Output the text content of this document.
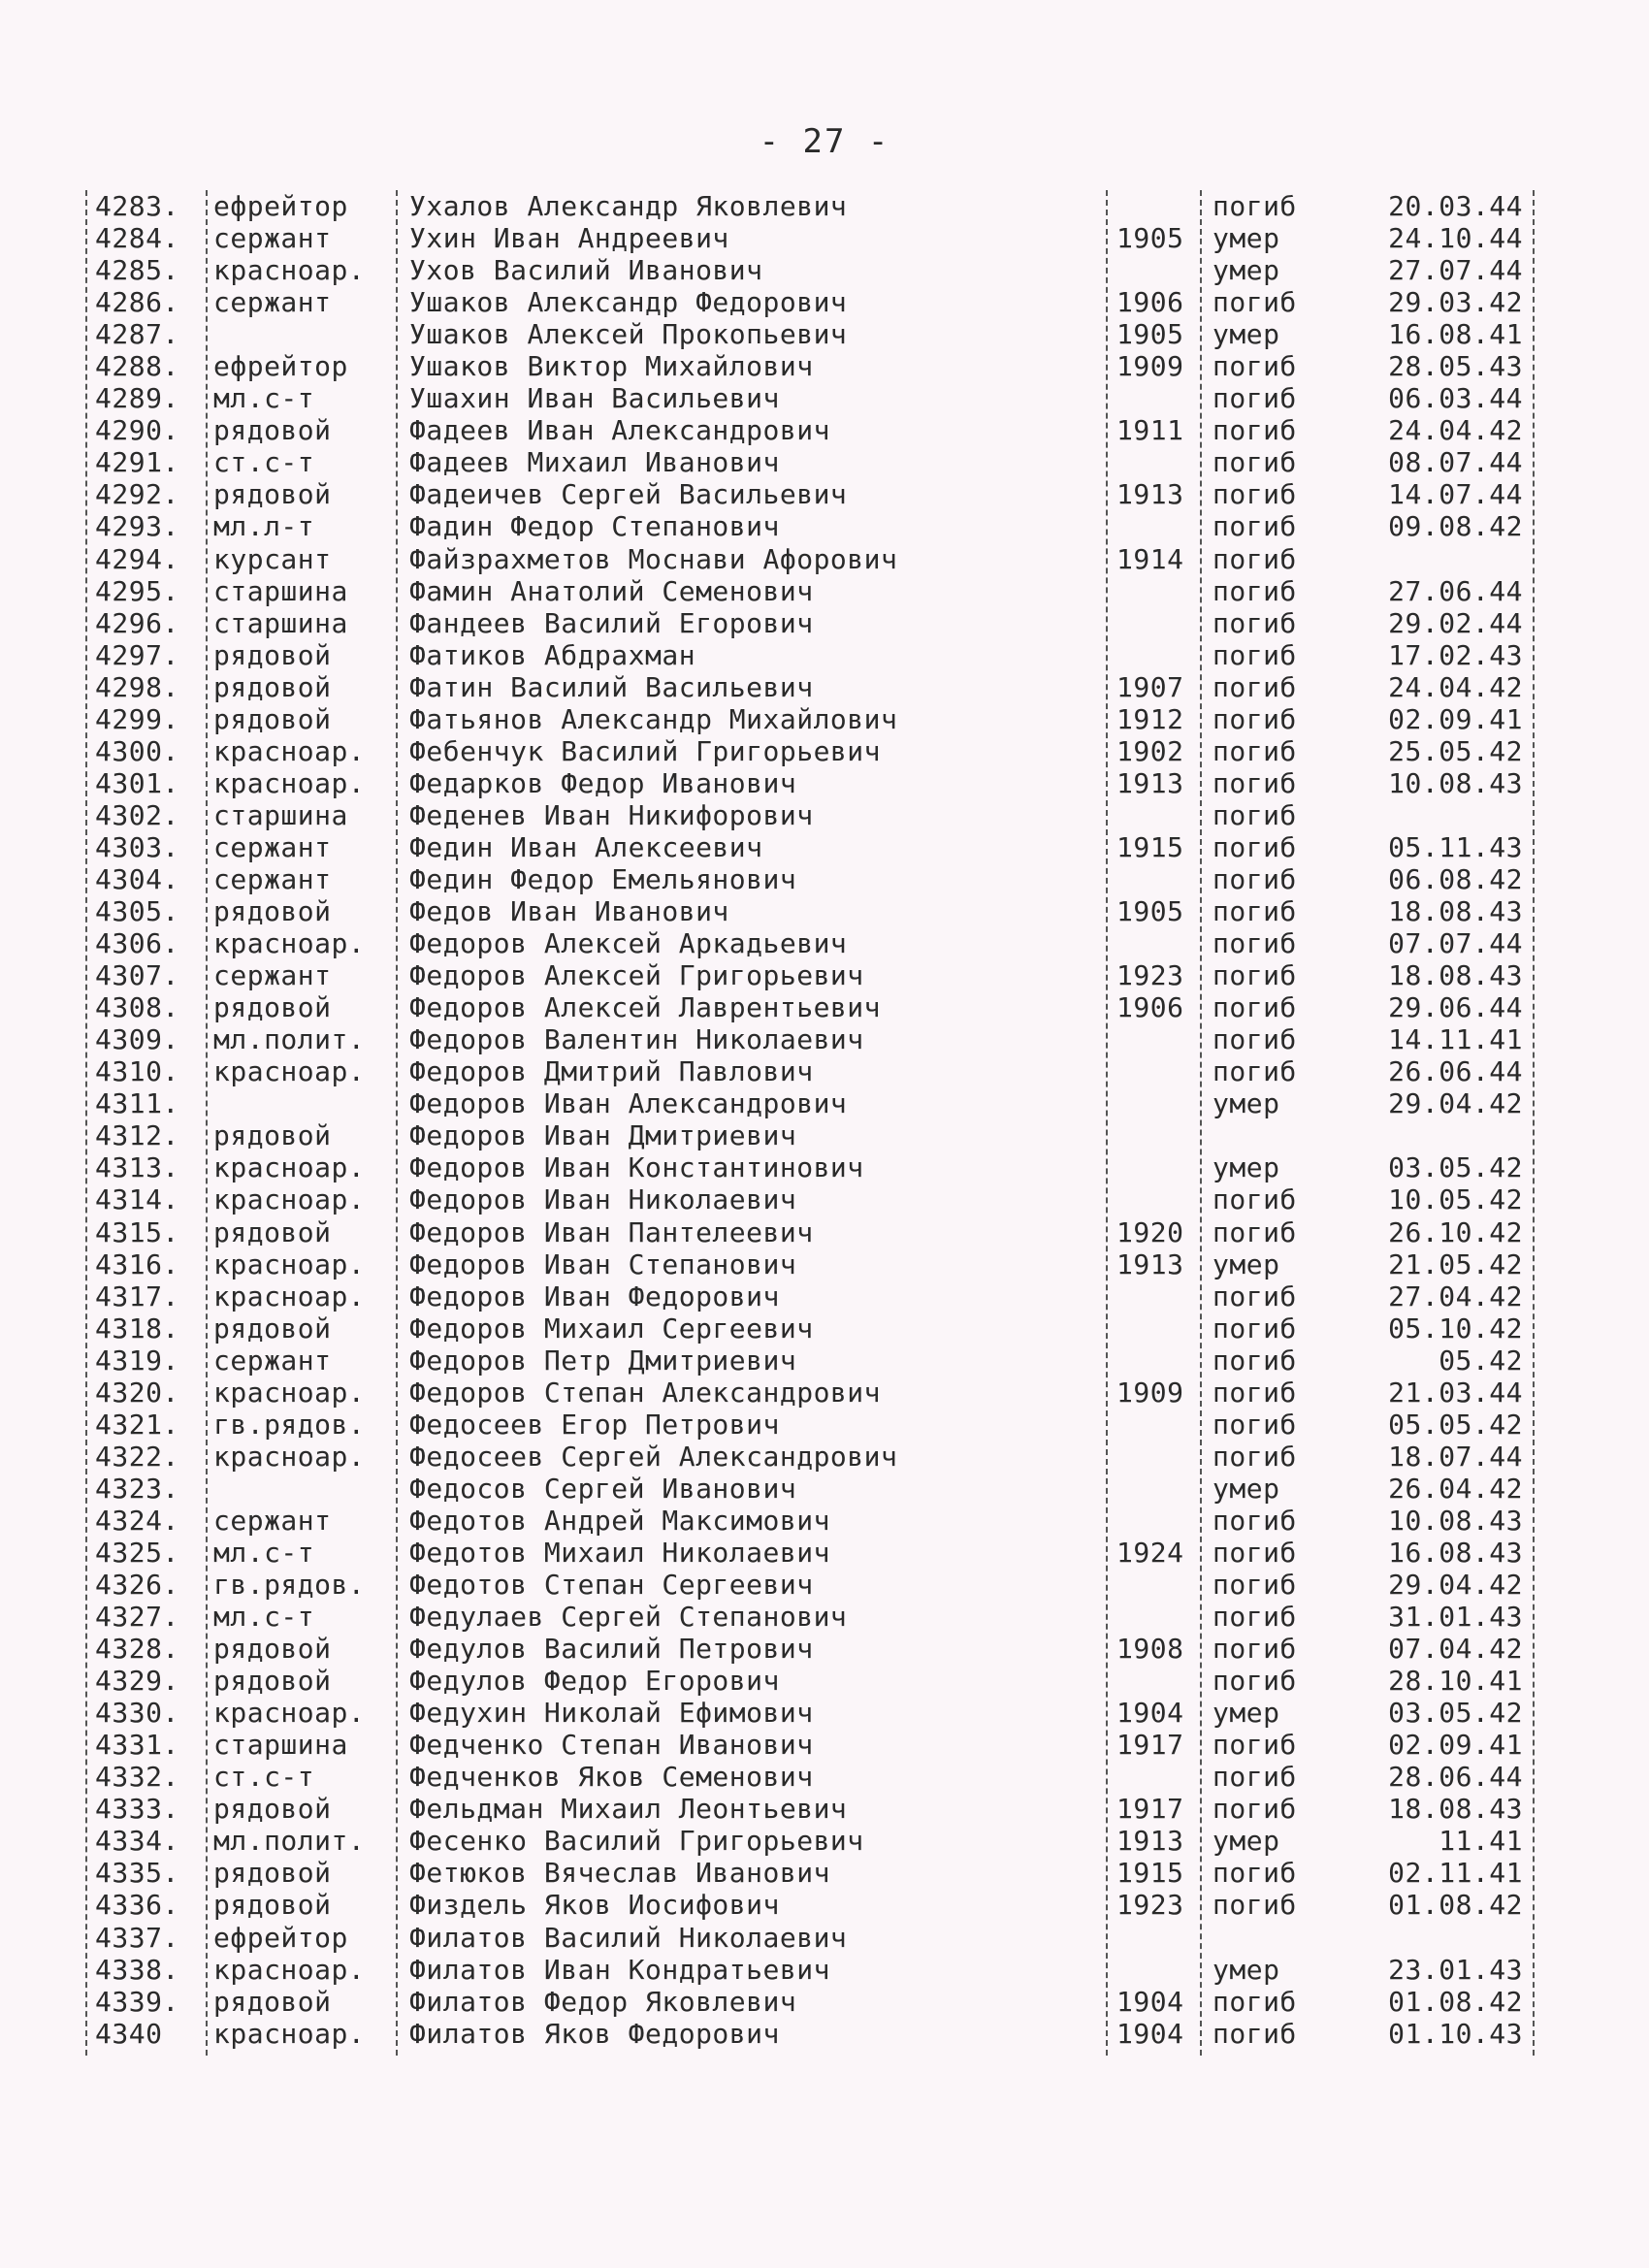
- 27 -
4283.	ефрейтор	Ухалов Александр Яковлевич	погиб	20.03.44
4284.	сержант	Ухин Иван Андреевич	1905	умер	24.10.44
4285.	красноар.	Ухов Василий Иванович	умер	27.07.44
4286.	сержант	Ушаков Александр Федорович	1906	погиб	29.03.42
4287.	Ушаков Алексей Прокопьевич	1905	умер	16.08.41
4288.	ефрейтор	Ушаков Виктор Михайлович	1909	погиб	28.05.43
4289.	мл.с-т	Ушахин Иван Васильевич	погиб	06.03.44
4290.	рядовой	Фадеев Иван Александрович	1911	погиб	24.04.42
4291.	ст.с-т	Фадеев Михаил Иванович	погиб	08.07.44
4292.	рядовой	Фадеичев Сергей Васильевич	1913	погиб	14.07.44
4293.	мл.л-т	Фадин Федор Степанович	погиб	09.08.42
4294.	курсант	Файзрахметов Моснави Афорович	1914	погиб
4295.	старшина	Фамин Анатолий Семенович	погиб	27.06.44
4296.	старшина	Фандеев Василий Егорович	погиб	29.02.44
4297.	рядовой	Фатиков Абдрахман	погиб	17.02.43
4298.	рядовой	Фатин Василий Васильевич	1907	погиб	24.04.42
4299.	рядовой	Фатьянов Александр Михайлович	1912	погиб	02.09.41
4300.	красноар.	Фебенчук Василий Григорьевич	1902	погиб	25.05.42
4301.	красноар.	Федарков Федор Иванович	1913	погиб	10.08.43
4302.	старшина	Феденев Иван Никифорович	погиб
4303.	сержант	Федин Иван Алексеевич	1915	погиб	05.11.43
4304.	сержант	Федин Федор Емельянович	погиб	06.08.42
4305.	рядовой	Федов Иван Иванович	1905	погиб	18.08.43
4306.	красноар.	Федоров Алексей Аркадьевич	погиб	07.07.44
4307.	сержант	Федоров Алексей Григорьевич	1923	погиб	18.08.43
4308.	рядовой	Федоров Алексей Лаврентьевич	1906	погиб	29.06.44
4309.	мл.полит.	Федоров Валентин Николаевич	погиб	14.11.41
4310.	красноар.	Федоров Дмитрий Павлович	погиб	26.06.44
4311.	Федоров Иван Александрович	умер	29.04.42
4312.	рядовой	Федоров Иван Дмитриевич
4313.	красноар.	Федоров Иван Константинович	умер	03.05.42
4314.	красноар.	Федоров Иван Николаевич	погиб	10.05.42
4315.	рядовой	Федоров Иван Пантелеевич	1920	погиб	26.10.42
4316.	красноар.	Федоров Иван Степанович	1913	умер	21.05.42
4317.	красноар.	Федоров Иван Федорович	погиб	27.04.42
4318.	рядовой	Федоров Михаил Сергеевич	погиб	05.10.42
4319.	сержант	Федоров Петр Дмитриевич	погиб	05.42
4320.	красноар.	Федоров Степан Александрович	1909	погиб	21.03.44
4321.	гв.рядов.	Федосеев Егор Петрович	погиб	05.05.42
4322.	красноар.	Федосеев Сергей Александрович	погиб	18.07.44
4323.	Федосов Сергей Иванович	умер	26.04.42
4324.	сержант	Федотов Андрей Максимович	погиб	10.08.43
4325.	мл.с-т	Федотов Михаил Николаевич	1924	погиб	16.08.43
4326.	гв.рядов.	Федотов Степан Сергеевич	погиб	29.04.42
4327.	мл.с-т	Федулаев Сергей Степанович	погиб	31.01.43
4328.	рядовой	Федулов Василий Петрович	1908	погиб	07.04.42
4329.	рядовой	Федулов Федор Егорович	погиб	28.10.41
4330.	красноар.	Федухин Николай Ефимович	1904	умер	03.05.42
4331.	старшина	Федченко Степан Иванович	1917	погиб	02.09.41
4332.	ст.с-т	Федченков Яков Семенович	погиб	28.06.44
4333.	рядовой	Фельдман Михаил Леонтьевич	1917	погиб	18.08.43
4334.	мл.полит.	Фесенко Василий Григорьевич	1913	умер	11.41
4335.	рядовой	Фетюков Вячеслав Иванович	1915	погиб	02.11.41
4336.	рядовой	Физдель Яков Иосифович	1923	погиб	01.08.42
4337.	ефрейтор	Филатов Василий Николаевич
4338.	красноар.	Филатов Иван Кондратьевич	умер	23.01.43
4339.	рядовой	Филатов Федор Яковлевич	1904	погиб	01.08.42
4340	красноар.	Филатов Яков Федорович	1904	погиб	01.10.43
